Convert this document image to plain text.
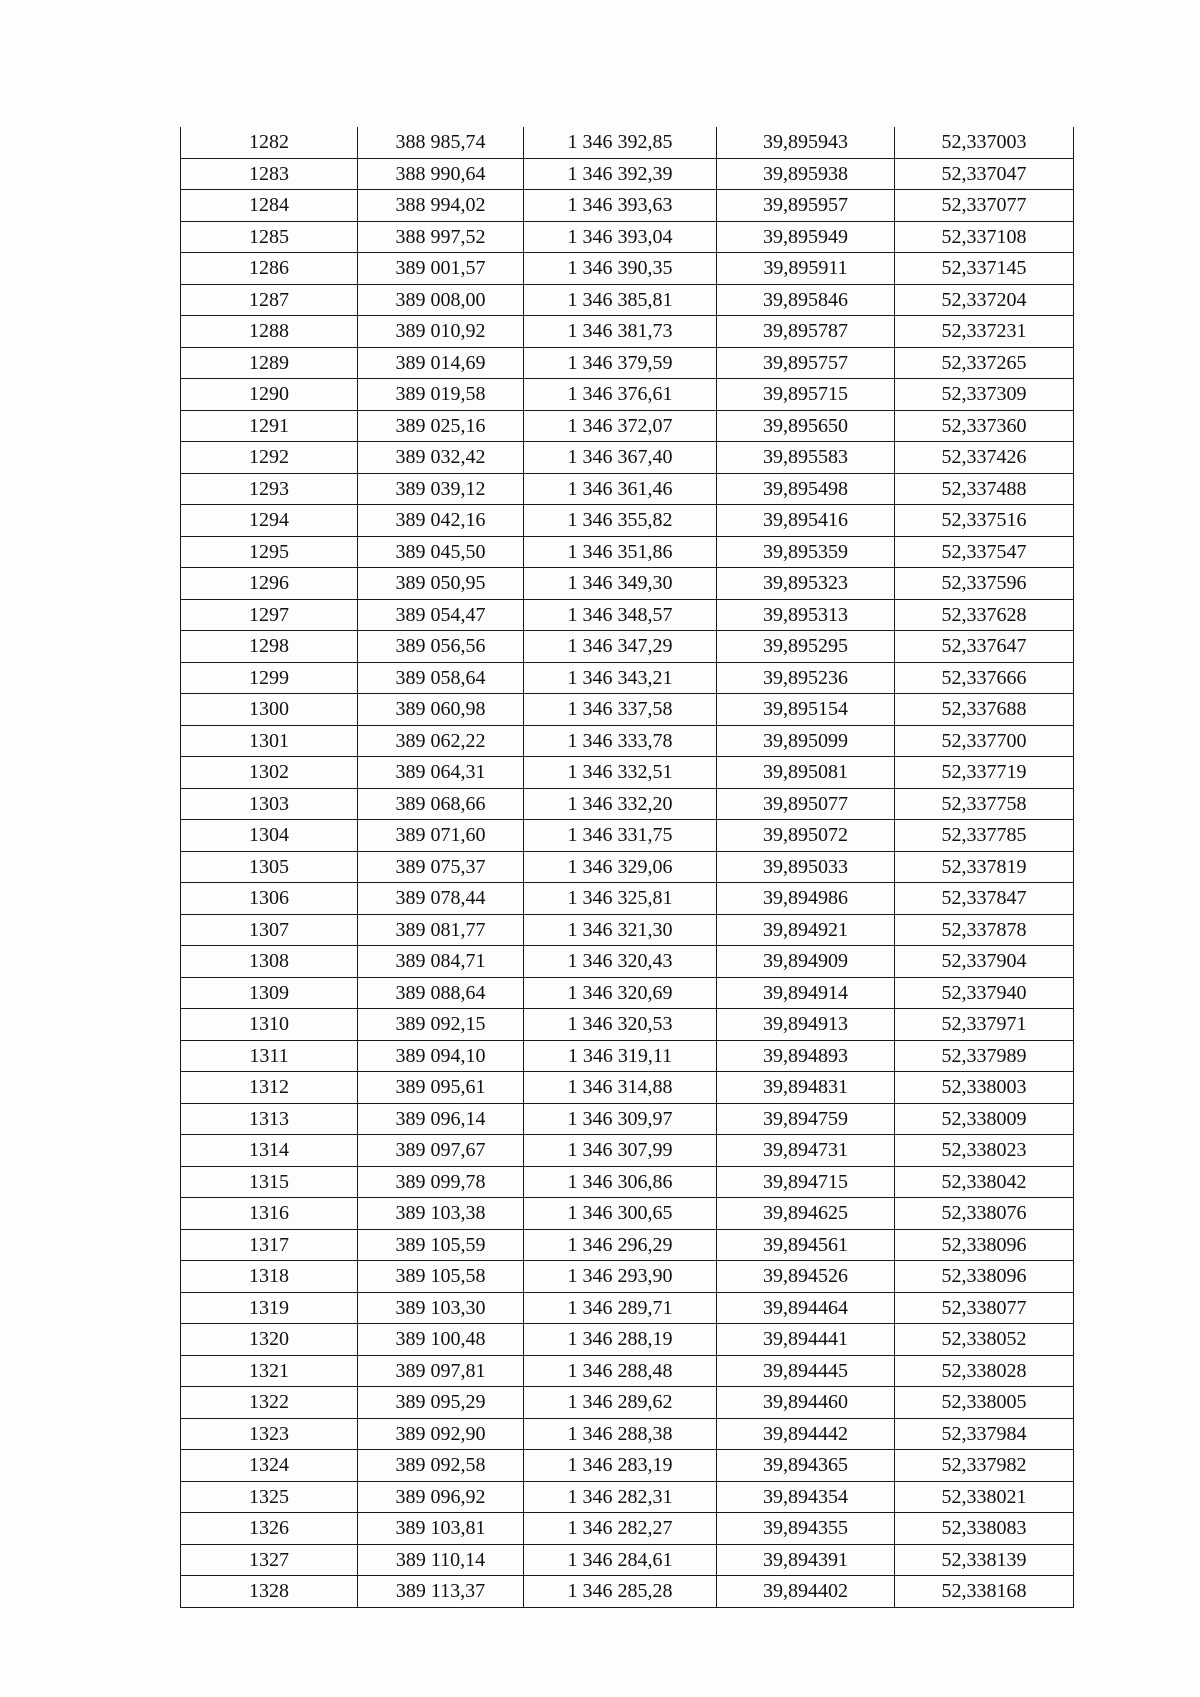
1282	388 985,74	1 346 392,85	39,895943	52,337003
1283	388 990,64	1 346 392,39	39,895938	52,337047
1284	388 994,02	1 346 393,63	39,895957	52,337077
1285	388 997,52	1 346 393,04	39,895949	52,337108
1286	389 001,57	1 346 390,35	39,895911	52,337145
1287	389 008,00	1 346 385,81	39,895846	52,337204
1288	389 010,92	1 346 381,73	39,895787	52,337231
1289	389 014,69	1 346 379,59	39,895757	52,337265
1290	389 019,58	1 346 376,61	39,895715	52,337309
1291	389 025,16	1 346 372,07	39,895650	52,337360
1292	389 032,42	1 346 367,40	39,895583	52,337426
1293	389 039,12	1 346 361,46	39,895498	52,337488
1294	389 042,16	1 346 355,82	39,895416	52,337516
1295	389 045,50	1 346 351,86	39,895359	52,337547
1296	389 050,95	1 346 349,30	39,895323	52,337596
1297	389 054,47	1 346 348,57	39,895313	52,337628
1298	389 056,56	1 346 347,29	39,895295	52,337647
1299	389 058,64	1 346 343,21	39,895236	52,337666
1300	389 060,98	1 346 337,58	39,895154	52,337688
1301	389 062,22	1 346 333,78	39,895099	52,337700
1302	389 064,31	1 346 332,51	39,895081	52,337719
1303	389 068,66	1 346 332,20	39,895077	52,337758
1304	389 071,60	1 346 331,75	39,895072	52,337785
1305	389 075,37	1 346 329,06	39,895033	52,337819
1306	389 078,44	1 346 325,81	39,894986	52,337847
1307	389 081,77	1 346 321,30	39,894921	52,337878
1308	389 084,71	1 346 320,43	39,894909	52,337904
1309	389 088,64	1 346 320,69	39,894914	52,337940
1310	389 092,15	1 346 320,53	39,894913	52,337971
1311	389 094,10	1 346 319,11	39,894893	52,337989
1312	389 095,61	1 346 314,88	39,894831	52,338003
1313	389 096,14	1 346 309,97	39,894759	52,338009
1314	389 097,67	1 346 307,99	39,894731	52,338023
1315	389 099,78	1 346 306,86	39,894715	52,338042
1316	389 103,38	1 346 300,65	39,894625	52,338076
1317	389 105,59	1 346 296,29	39,894561	52,338096
1318	389 105,58	1 346 293,90	39,894526	52,338096
1319	389 103,30	1 346 289,71	39,894464	52,338077
1320	389 100,48	1 346 288,19	39,894441	52,338052
1321	389 097,81	1 346 288,48	39,894445	52,338028
1322	389 095,29	1 346 289,62	39,894460	52,338005
1323	389 092,90	1 346 288,38	39,894442	52,337984
1324	389 092,58	1 346 283,19	39,894365	52,337982
1325	389 096,92	1 346 282,31	39,894354	52,338021
1326	389 103,81	1 346 282,27	39,894355	52,338083
1327	389 110,14	1 346 284,61	39,894391	52,338139
1328	389 113,37	1 346 285,28	39,894402	52,338168
